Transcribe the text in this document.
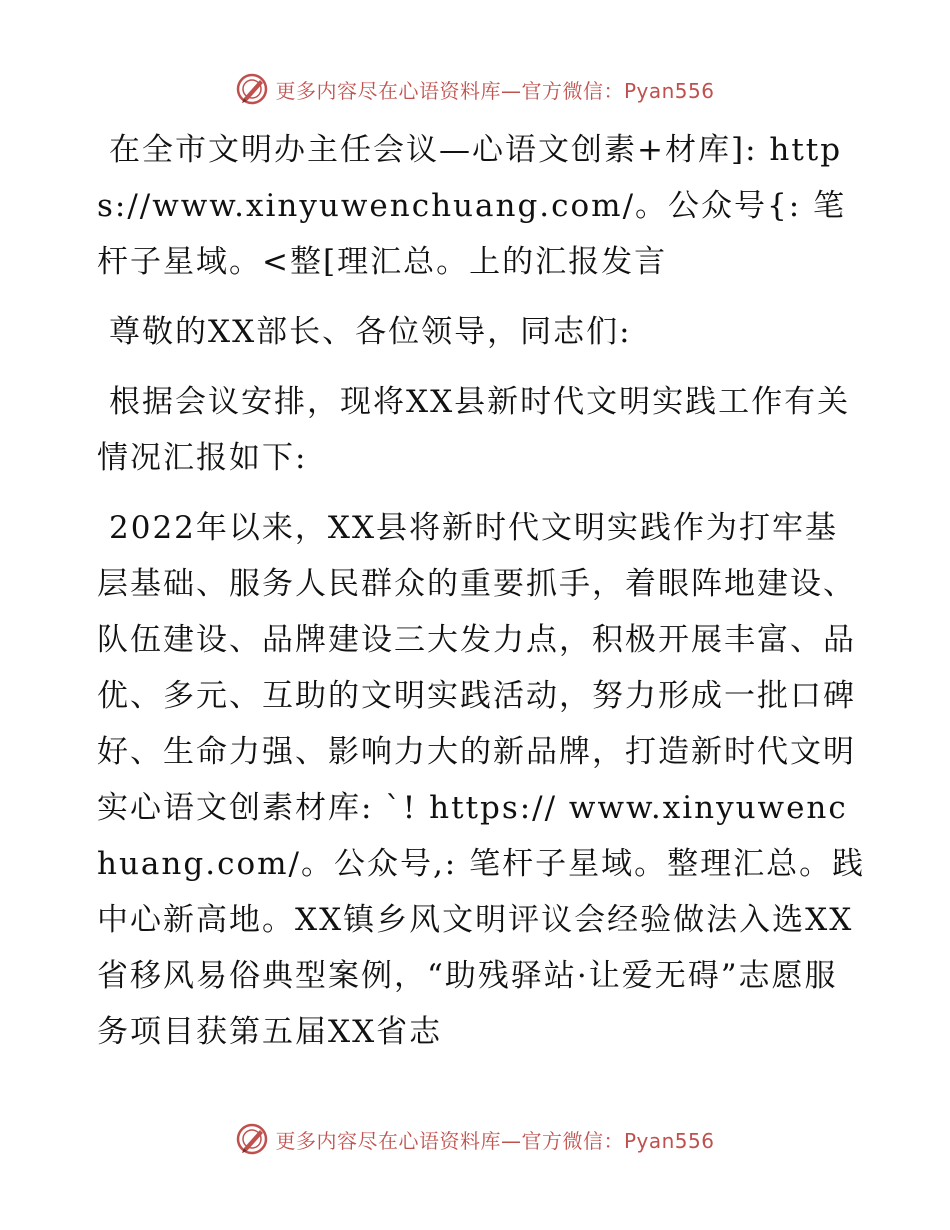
更多内容尽在心语资料库—官方微信：Pyan556

在全市文明办主任会议—心语文创素+材库]: https://www.xinyuwenchuang.com/。公众号{: 笔杆子星域。<整[理汇总。上的汇报发言

尊敬的XX部长、各位领导，同志们:

根据会议安排，现将XX县新时代文明实践工作有关情况汇报如下:

2022年以来，XX县将新时代文明实践作为打牢基层基础、服务人民群众的重要抓手，着眼阵地建设、队伍建设、品牌建设三大发力点，积极开展丰富、品优、多元、互助的文明实践活动，努力形成一批口碑好、生命力强、影响力大的新品牌，打造新时代文明实心语文创素材库: `! https:// www.xinyuwenchuang.com/。公众号,: 笔杆子星域。整理汇总。践中心新高地。XX镇乡风文明评议会经验做法入选XX省移风易俗典型案例，“助残驿站·让爱无碍”志愿服务项目获第五届XX省志

更多内容尽在心语资料库—官方微信：Pyan556
